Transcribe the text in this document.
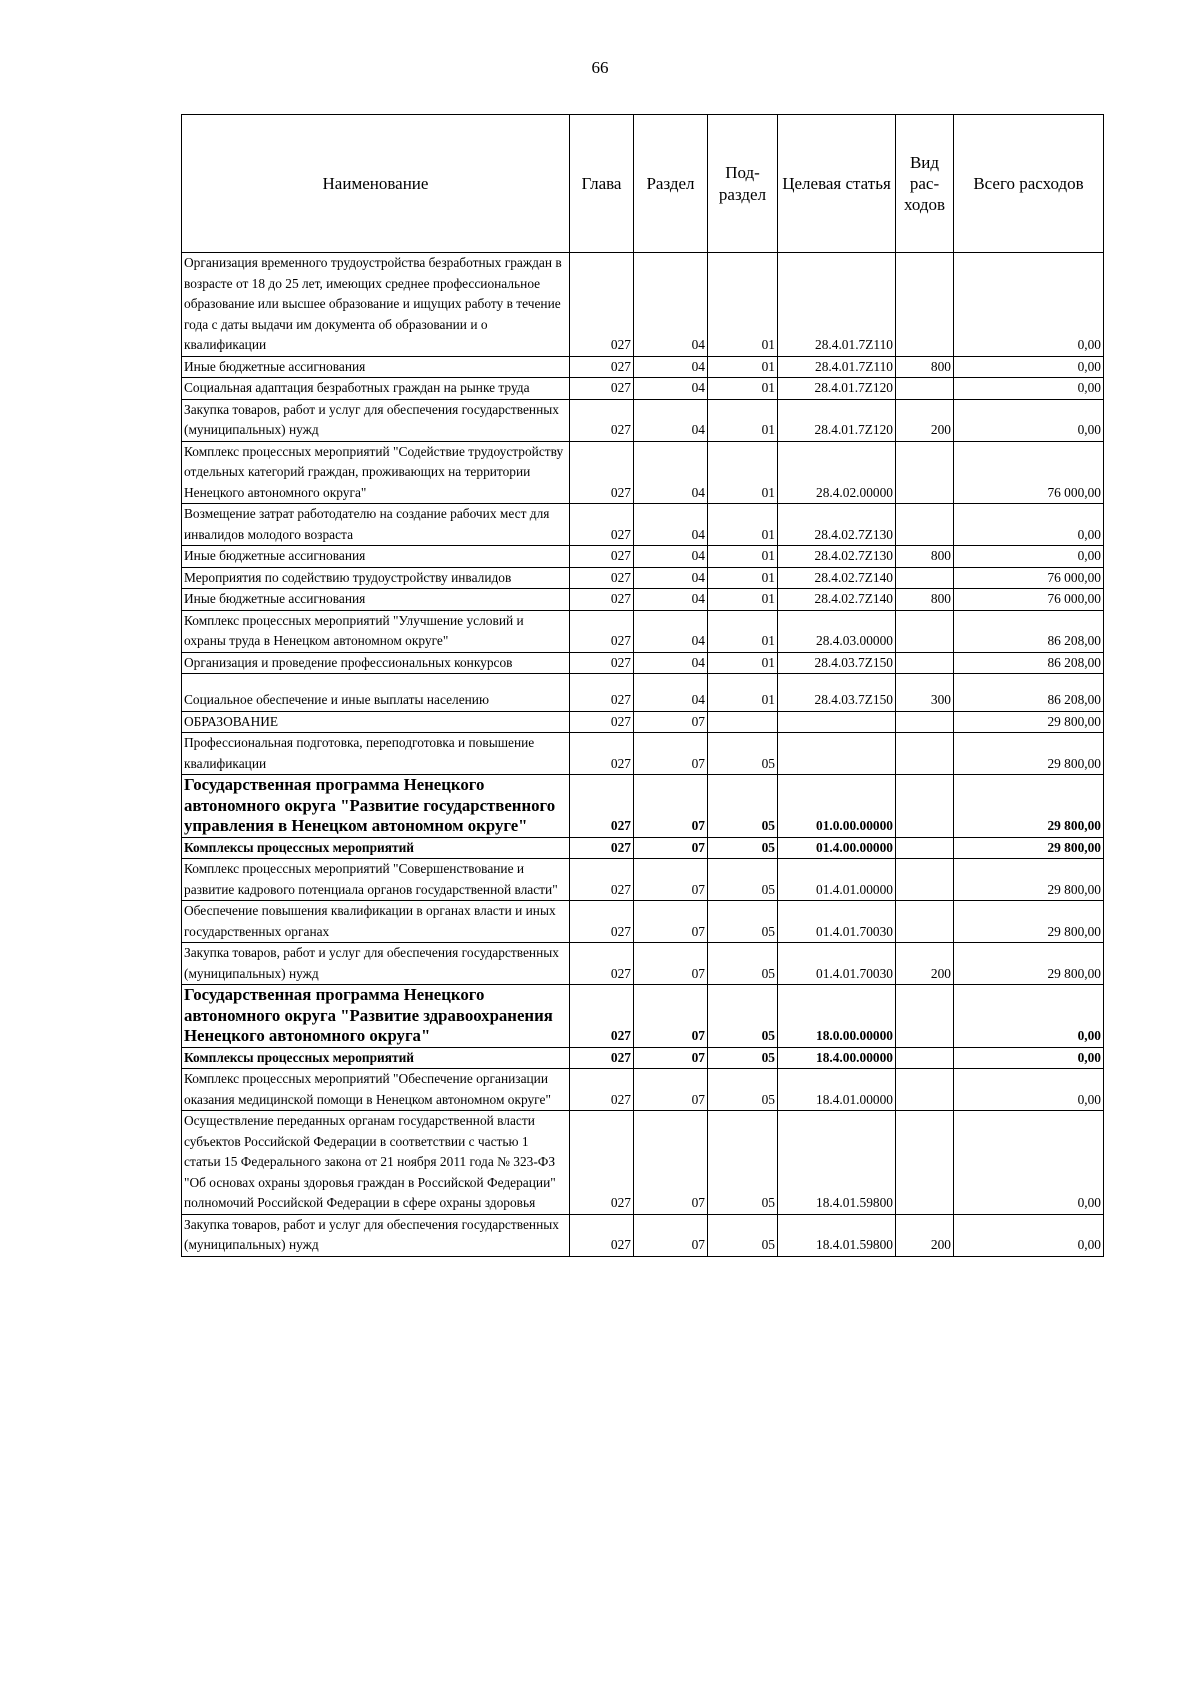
66
Наименование	Глава	Раздел	Под-раздел	Целевая статья	Вид рас-ходов	Всего расходов
Организация временного трудоустройства безработных граждан в возрасте от 18 до 25 лет, имеющих среднее профессиональное образование или высшее образование и ищущих работу в течение года с даты выдачи им документа об образовании и о квалификации	027	04	01	28.4.01.7Z110		0,00
Иные бюджетные ассигнования	027	04	01	28.4.01.7Z110	800	0,00
Социальная адаптация безработных граждан на рынке труда	027	04	01	28.4.01.7Z120		0,00
Закупка товаров, работ и услуг для обеспечения государственных (муниципальных) нужд	027	04	01	28.4.01.7Z120	200	0,00
Комплекс процессных мероприятий "Содействие трудоустройству отдельных категорий граждан, проживающих на территории Ненецкого автономного округа"	027	04	01	28.4.02.00000		76 000,00
Возмещение затрат работодателю на создание рабочих мест для инвалидов молодого возраста	027	04	01	28.4.02.7Z130		0,00
Иные бюджетные ассигнования	027	04	01	28.4.02.7Z130	800	0,00
Мероприятия по содействию трудоустройству инвалидов	027	04	01	28.4.02.7Z140		76 000,00
Иные бюджетные ассигнования	027	04	01	28.4.02.7Z140	800	76 000,00
Комплекс процессных мероприятий "Улучшение условий и охраны труда в Ненецком автономном округе"	027	04	01	28.4.03.00000		86 208,00
Организация и проведение профессиональных конкурсов	027	04	01	28.4.03.7Z150		86 208,00
Социальное обеспечение и иные выплаты населению	027	04	01	28.4.03.7Z150	300	86 208,00
ОБРАЗОВАНИЕ	027	07				29 800,00
Профессиональная подготовка, переподготовка и повышение квалификации	027	07	05			29 800,00
Государственная программа Ненецкого автономного округа "Развитие государственного управления в Ненецком автономном округе"	027	07	05	01.0.00.00000		29 800,00
Комплексы процессных мероприятий	027	07	05	01.4.00.00000		29 800,00
Комплекс процессных мероприятий "Совершенствование и развитие кадрового потенциала органов государственной власти"	027	07	05	01.4.01.00000		29 800,00
Обеспечение повышения квалификации в органах власти и иных государственных органах	027	07	05	01.4.01.70030		29 800,00
Закупка товаров, работ и услуг для обеспечения государственных (муниципальных) нужд	027	07	05	01.4.01.70030	200	29 800,00
Государственная программа Ненецкого автономного округа "Развитие здравоохранения Ненецкого автономного округа"	027	07	05	18.0.00.00000		0,00
Комплексы процессных мероприятий	027	07	05	18.4.00.00000		0,00
Комплекс процессных мероприятий "Обеспечение организации оказания медицинской помощи в Ненецком автономном округе"	027	07	05	18.4.01.00000		0,00
Осуществление переданных органам государственной власти субъектов Российской Федерации в соответствии с частью 1 статьи 15 Федерального закона от 21 ноября 2011 года № 323-ФЗ "Об основах охраны здоровья граждан в Российской Федерации" полномочий Российской Федерации в сфере охраны здоровья	027	07	05	18.4.01.59800		0,00
Закупка товаров, работ и услуг для обеспечения государственных (муниципальных) нужд	027	07	05	18.4.01.59800	200	0,00
